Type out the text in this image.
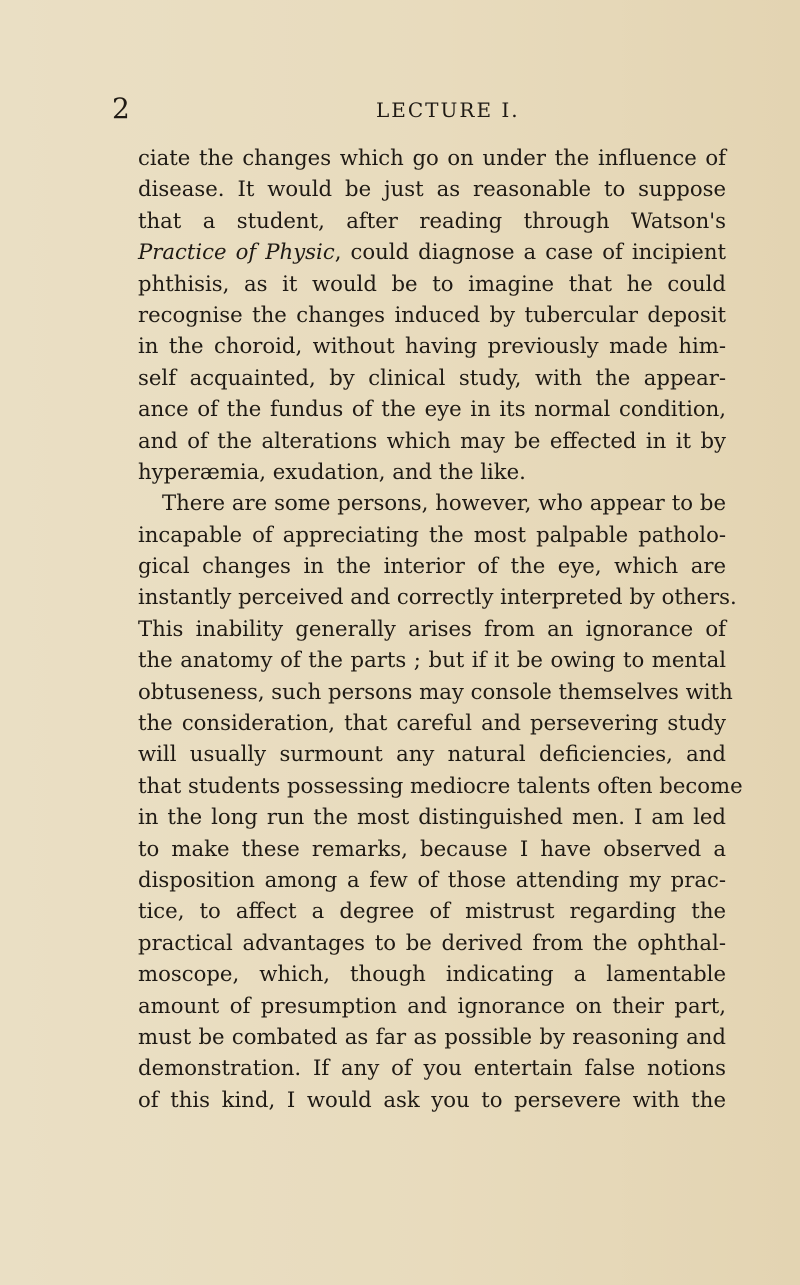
2	LECTURE I.
ciate the changes which go on under the influence of
disease. It would be just as reasonable to suppose
that a student, after reading through Watson's
Practice of Physic, could diagnose a case of incipient
phthisis, as it would be to imagine that he could
recognise the changes induced by tubercular deposit
in the choroid, without having previously made him-
self acquainted, by clinical study, with the appear-
ance of the fundus of the eye in its normal condition,
and of the alterations which may be effected in it by
hyperæmia, exudation, and the like.
There are some persons, however, who appear to be
incapable of appreciating the most palpable patholo-
gical changes in the interior of the eye, which are
instantly perceived and correctly interpreted by others.
This inability generally arises from an ignorance of
the anatomy of the parts ; but if it be owing to mental
obtuseness, such persons may console themselves with
the consideration, that careful and persevering study
will usually surmount any natural deficiencies, and
that students possessing mediocre talents often become
in the long run the most distinguished men. I am led
to make these remarks, because I have observed a
disposition among a few of those attending my prac-
tice, to affect a degree of mistrust regarding the
practical advantages to be derived from the ophthal-
moscope, which, though indicating a lamentable
amount of presumption and ignorance on their part,
must be combated as far as possible by reasoning and
demonstration. If any of you entertain false notions
of this kind, I would ask you to persevere with the
